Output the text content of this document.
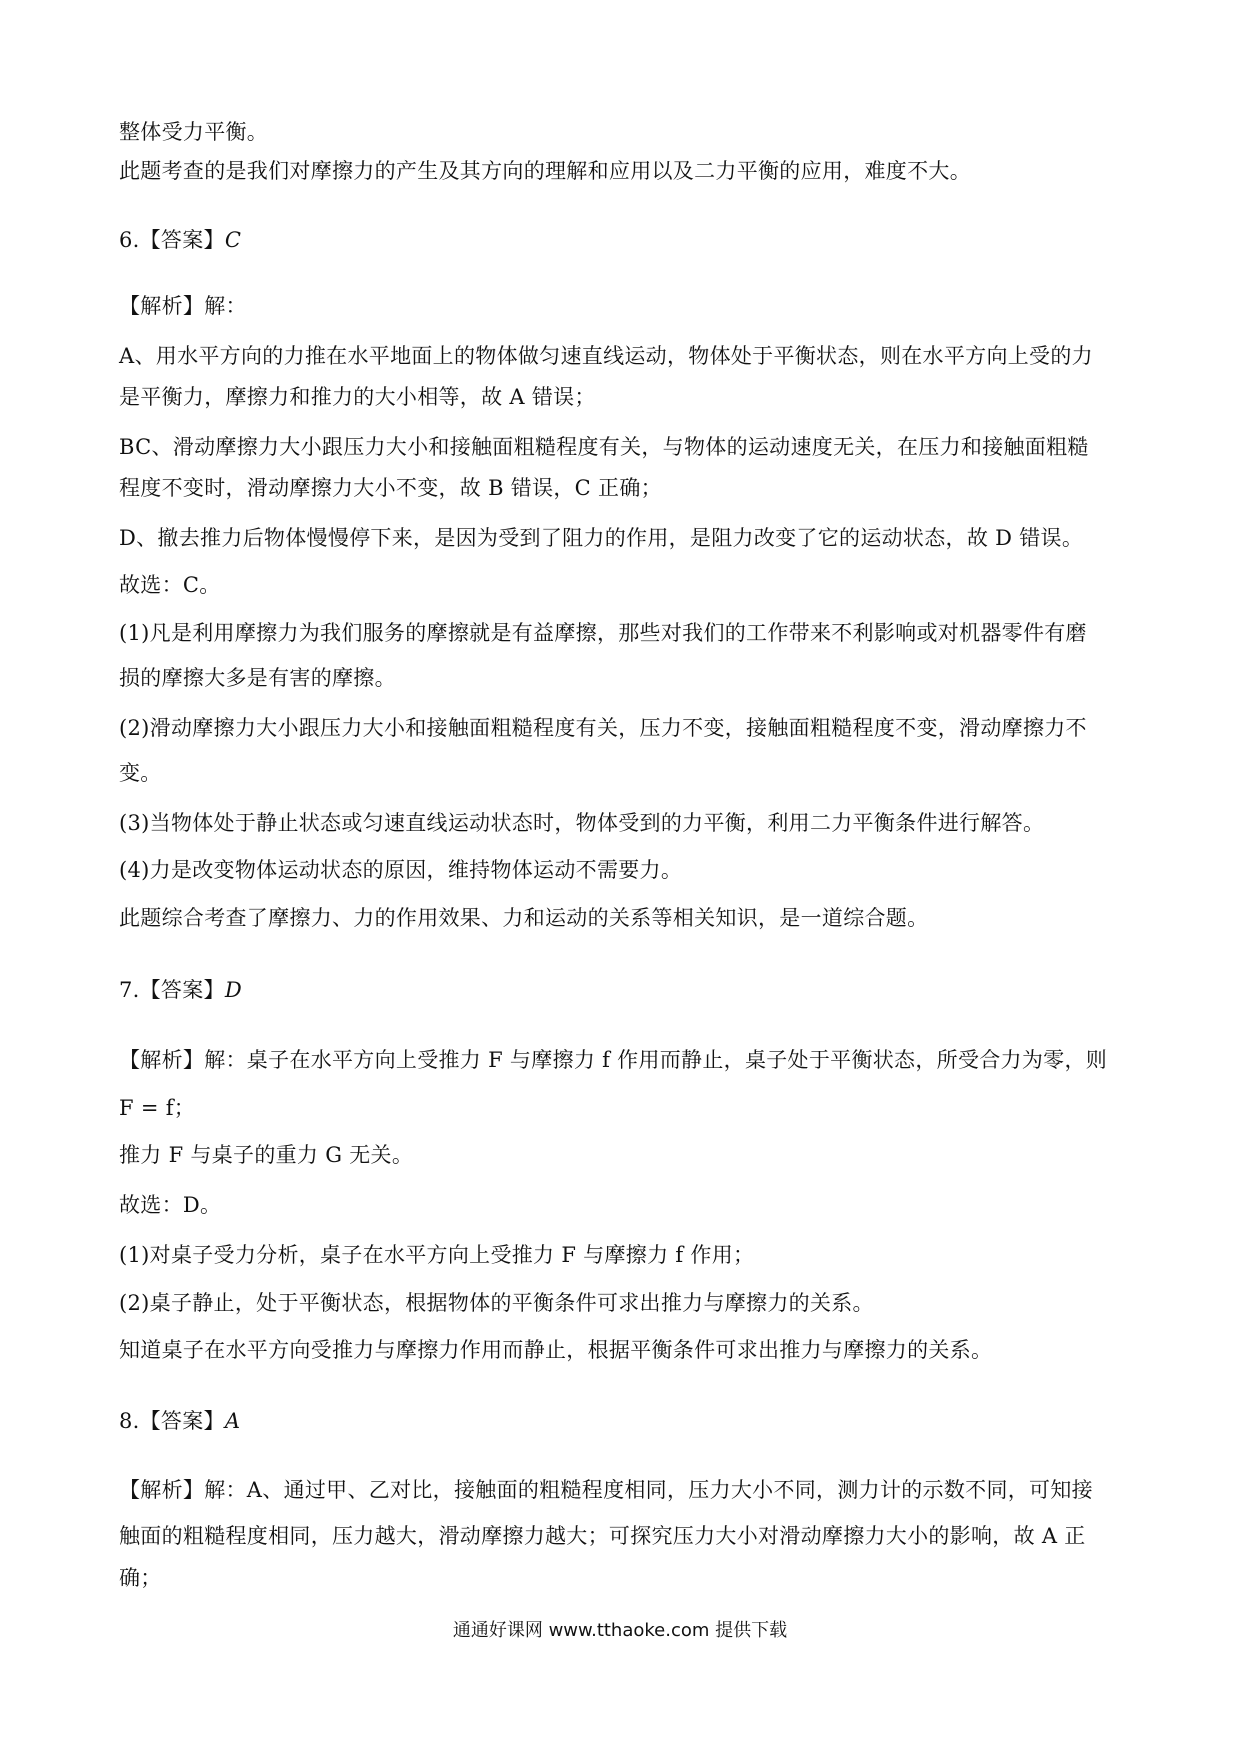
整体受力平衡。
此题考查的是我们对摩擦力的产生及其方向的理解和应用以及二力平衡的应用，难度不大。
6.【答案】C
【解析】解：
A、用水平方向的力推在水平地面上的物体做匀速直线运动，物体处于平衡状态，则在水平方向上受的力
是平衡力，摩擦力和推力的大小相等，故 A 错误；
BC、滑动摩擦力大小跟压力大小和接触面粗糙程度有关，与物体的运动速度无关，在压力和接触面粗糙
程度不变时，滑动摩擦力大小不变，故 B 错误，C 正确；
D、撤去推力后物体慢慢停下来，是因为受到了阻力的作用，是阻力改变了它的运动状态，故 D 错误。
故选：C。
(1)凡是利用摩擦力为我们服务的摩擦就是有益摩擦，那些对我们的工作带来不利影响或对机器零件有磨
损的摩擦大多是有害的摩擦。
(2)滑动摩擦力大小跟压力大小和接触面粗糙程度有关，压力不变，接触面粗糙程度不变，滑动摩擦力不
变。
(3)当物体处于静止状态或匀速直线运动状态时，物体受到的力平衡，利用二力平衡条件进行解答。
(4)力是改变物体运动状态的原因，维持物体运动不需要力。
此题综合考查了摩擦力、力的作用效果、力和运动的关系等相关知识，是一道综合题。
7.【答案】D
【解析】解：桌子在水平方向上受推力 F 与摩擦力 f 作用而静止，桌子处于平衡状态，所受合力为零，则
F = f；
推力 F 与桌子的重力 G 无关。
故选：D。
(1)对桌子受力分析，桌子在水平方向上受推力 F 与摩擦力 f 作用；
(2)桌子静止，处于平衡状态，根据物体的平衡条件可求出推力与摩擦力的关系。
知道桌子在水平方向受推力与摩擦力作用而静止，根据平衡条件可求出推力与摩擦力的关系。
8.【答案】A
【解析】解：A、通过甲、乙对比，接触面的粗糙程度相同，压力大小不同，测力计的示数不同，可知接
触面的粗糙程度相同，压力越大，滑动摩擦力越大；可探究压力大小对滑动摩擦力大小的影响，故 A 正
确；
通通好课网 www.tthaoke.com 提供下载
